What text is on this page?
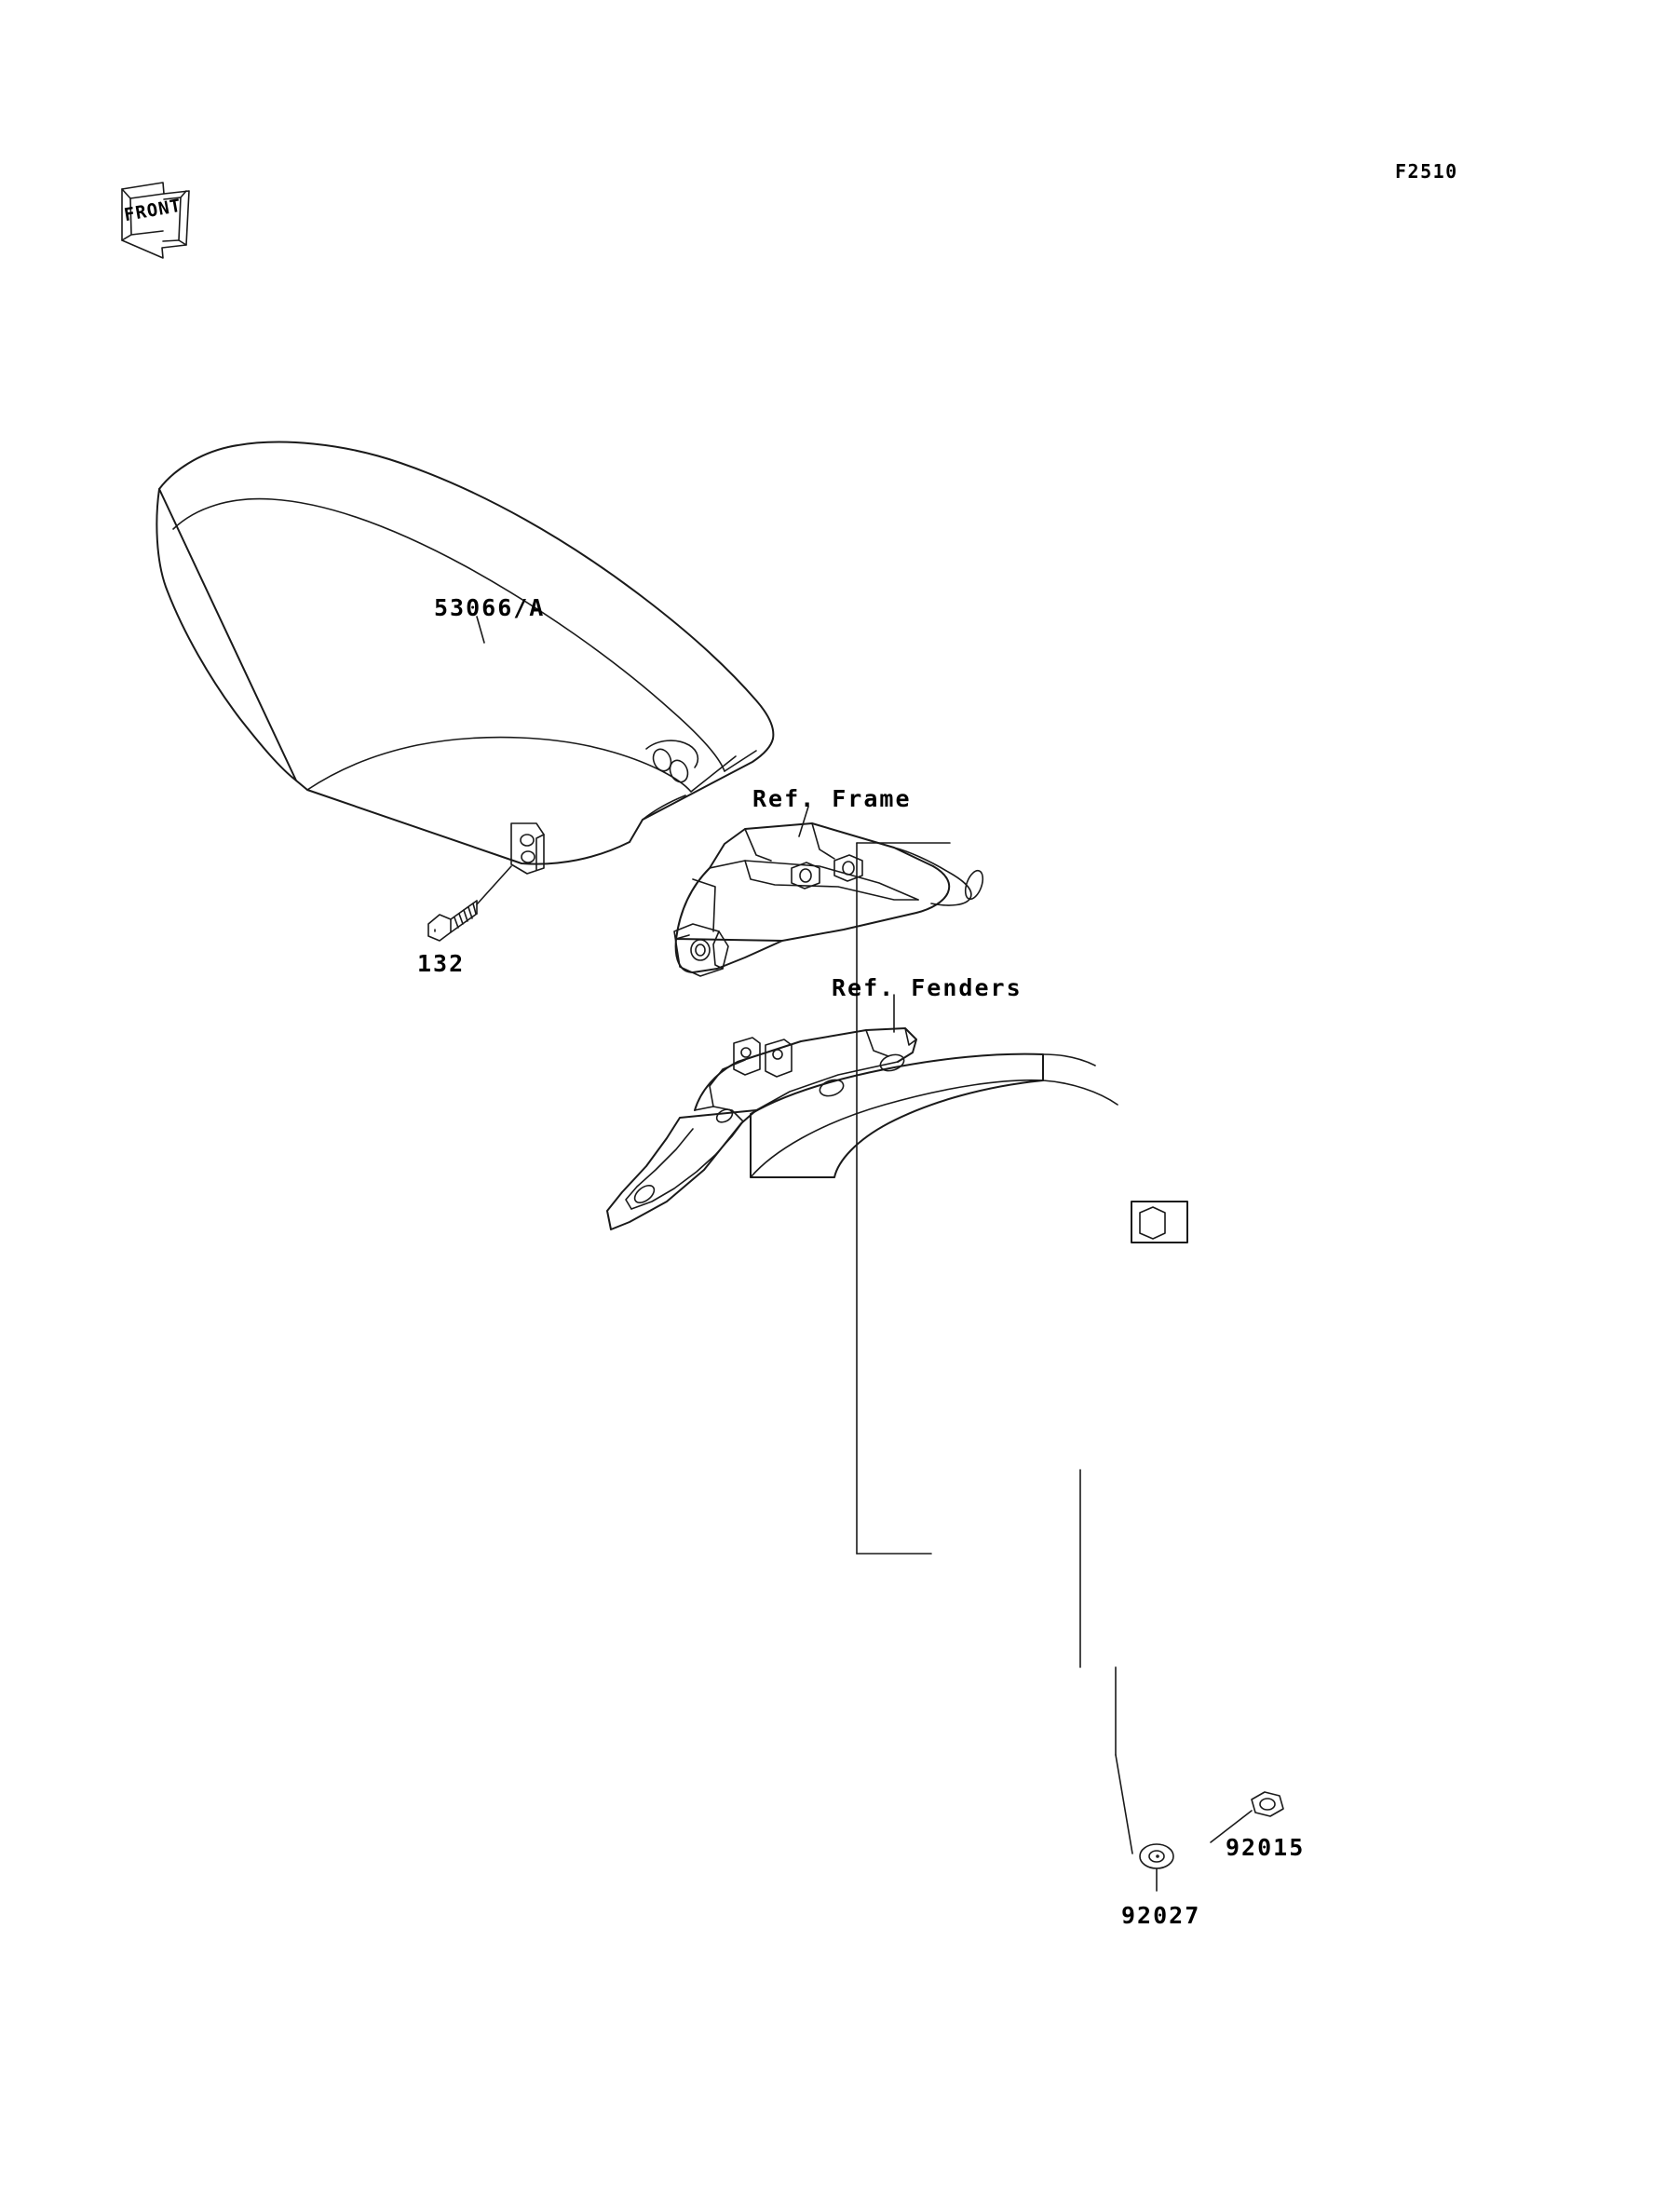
F2510
FRONT
53066/A
132
Ref. Frame
Ref. Fenders
92015
92027
